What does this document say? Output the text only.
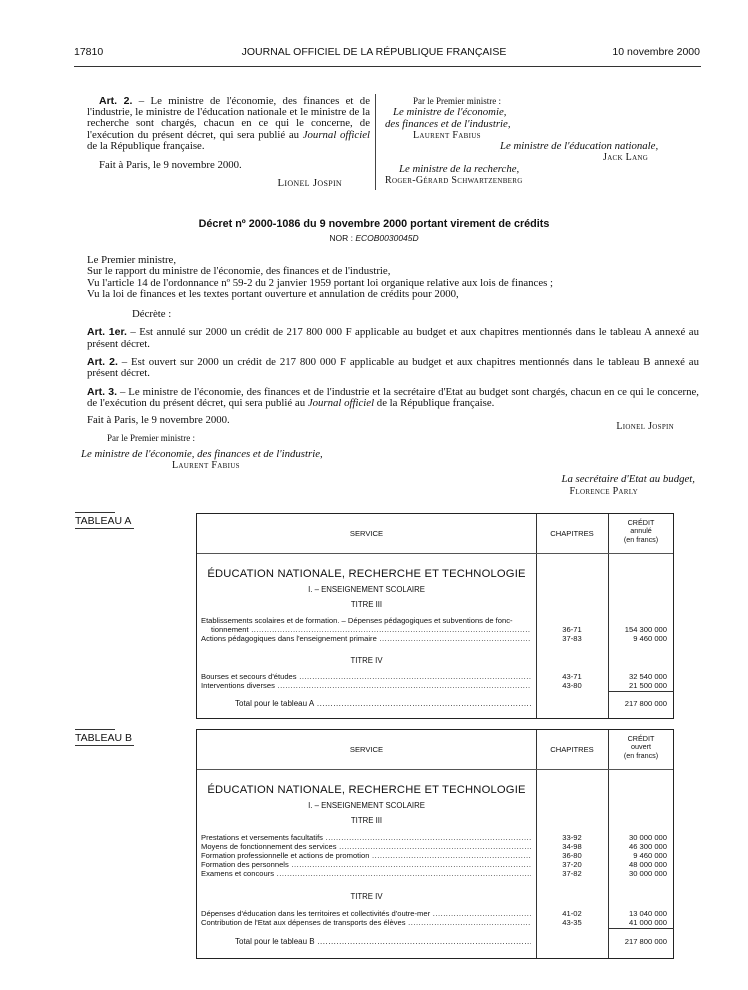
17810	JOURNAL OFFICIEL DE LA RÉPUBLIQUE FRANÇAISE	10 novembre 2000

Art. 2. – Le ministre de l'économie, des finances et de l'industrie, le ministre de l'éducation nationale et le ministre de la recherche sont chargés, chacun en ce qui le concerne, de l'exécution du présent décret, qui sera publié au Journal officiel de la République française.

Fait à Paris, le 9 novembre 2000.

Lionel Jospin

Par le Premier ministre :
Le ministre de l'économie,
des finances et de l'industrie,
Laurent Fabius
Le ministre de l'éducation nationale,
Jack Lang
Le ministre de la recherche,
Roger-Gérard Schwartzenberg
Décret nº 2000-1086 du 9 novembre 2000 portant virement de crédits
NOR : ECOB0030045D

Le Premier ministre,

Sur le rapport du ministre de l'économie, des finances et de l'industrie,

Vu l'article 14 de l'ordonnance nº 59-2 du 2 janvier 1959 portant loi organique relative aux lois de finances ;

Vu la loi de finances et les textes portant ouverture et annulation de crédits pour 2000,

Décrète :

Art. 1er. – Est annulé sur 2000 un crédit de 217 800 000 F applicable au budget et aux chapitres mentionnés dans le tableau A annexé au présent décret.

Art. 2. – Est ouvert sur 2000 un crédit de 217 800 000 F applicable au budget et aux chapitres mentionnés dans le tableau B annexé au présent décret.

Art. 3. – Le ministre de l'économie, des finances et de l'industrie et la secrétaire d'Etat au budget sont chargés, chacun en ce qui le concerne, de l'exécution du présent décret, qui sera publié au Journal officiel de la République française.

Fait à Paris, le 9 novembre 2000.

Lionel Jospin
Par le Premier ministre :
Le ministre de l'économie, des finances et de l'industrie,
Laurent Fabius
La secrétaire d'Etat au budget,
Florence Parly
TABLEAU A
SERVICE	CHAPITRES
CRÉDIT
annulé
(en francs)
ÉDUCATION NATIONALE, RECHERCHE ET TECHNOLOGIE
I. – ENSEIGNEMENT SCOLAIRE
TITRE III
Etablissements scolaires et de formation. – Dépenses pédagogiques et subventions de fonc-
tionnement .....	36-71	154 300 000
Actions pédagogiques dans l'enseignement primaire .....	37-83	9 460 000
TITRE IV
Bourses et secours d'études .....	43-71	32 540 000
Interventions diverses .....	43-80	21 500 000
Total pour le tableau A .....	217 800 000
TABLEAU B
SERVICE	CHAPITRES
CRÉDIT
ouvert
(en francs)
ÉDUCATION NATIONALE, RECHERCHE ET TECHNOLOGIE
I. – ENSEIGNEMENT SCOLAIRE
TITRE III
Prestations et versements facultatifs .....	33-92	30 000 000
Moyens de fonctionnement des services .....	34-98	46 300 000
Formation professionnelle et actions de promotion .....	36-80	9 460 000
Formation des personnels .....	37-20	48 000 000
Examens et concours .....	37-82	30 000 000
TITRE IV
Dépenses d'éducation dans les territoires et collectivités d'outre-mer .....	41-02	13 040 000
Contribution de l'Etat aux dépenses de transports des élèves .....	43-35	41 000 000
Total pour le tableau B .....	217 800 000
